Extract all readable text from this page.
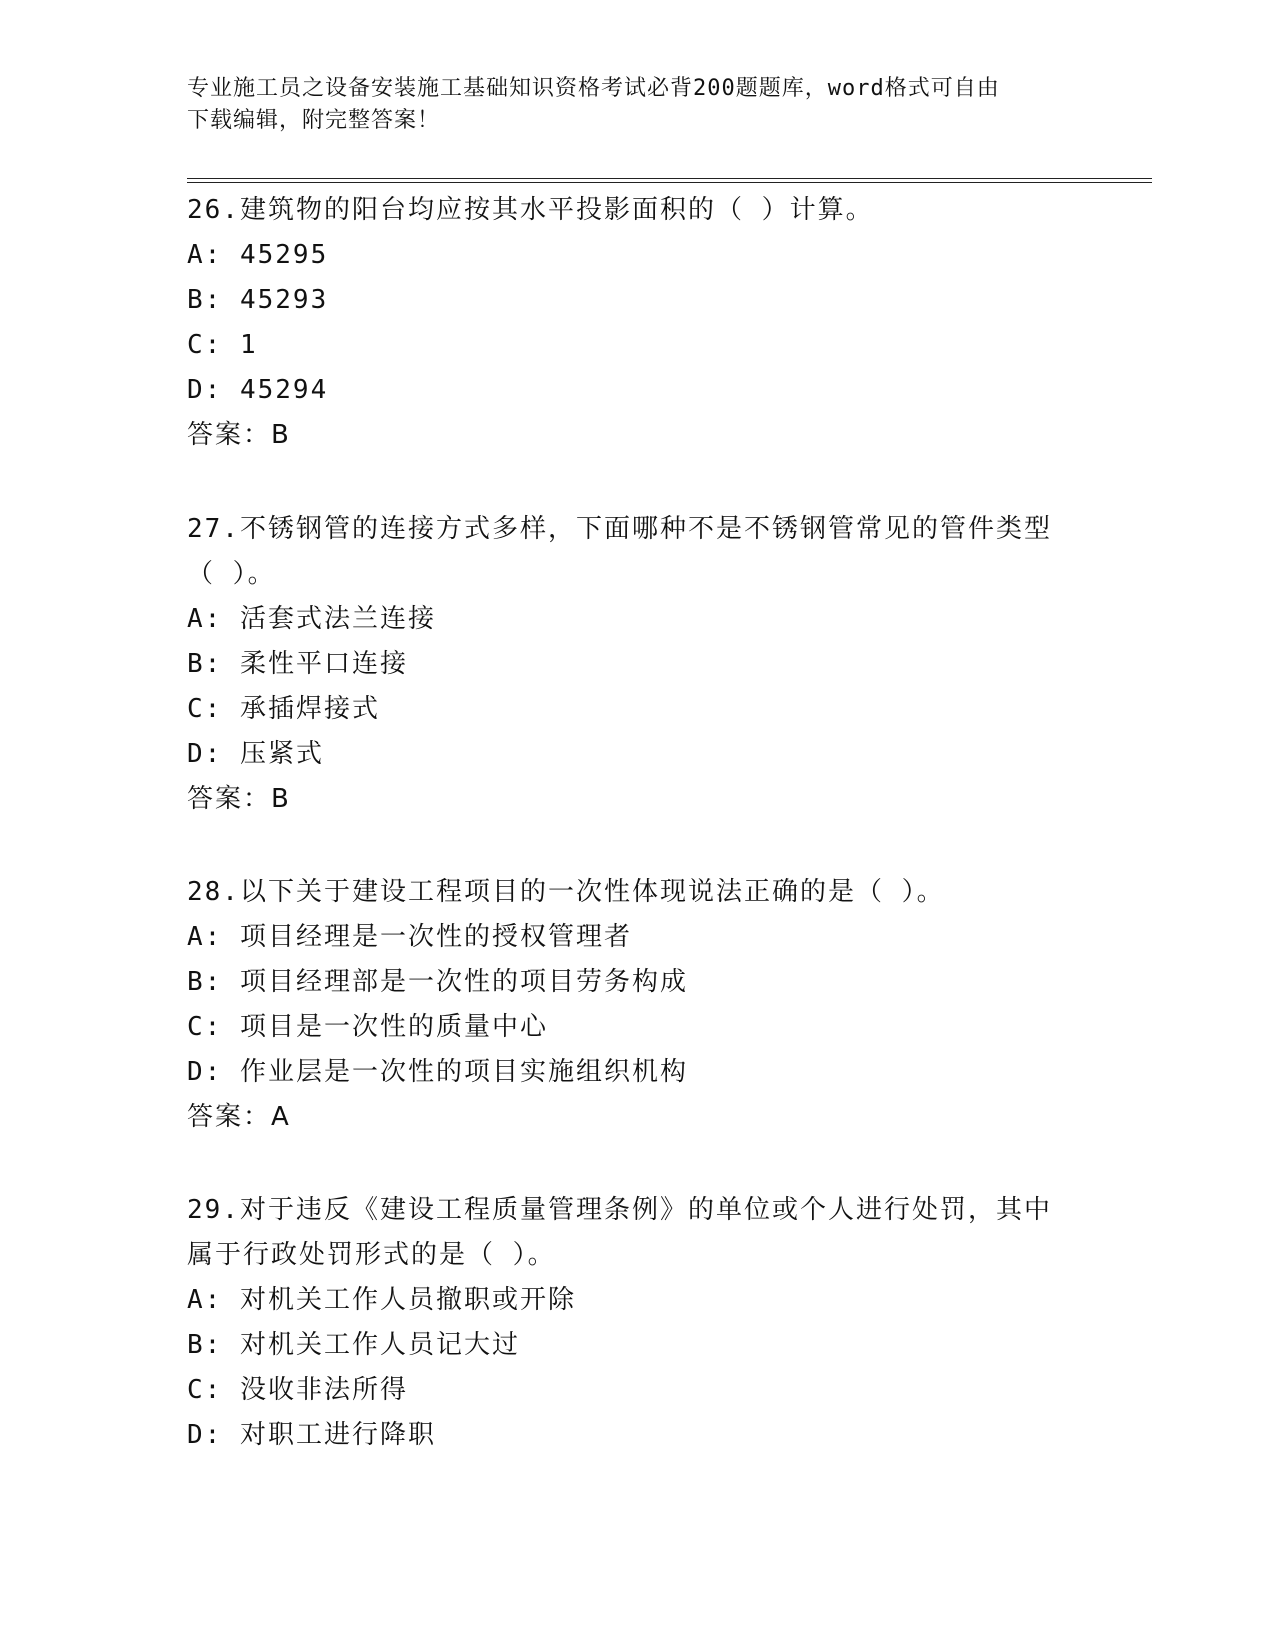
专业施工员之设备安装施工基础知识资格考试必背200题题库，word格式可自由
下载编辑，附完整答案！
26.建筑物的阳台均应按其水平投影面积的（ ）计算。
A: 45295
B: 45293
C: 1
D: 45294
答案：B
27.不锈钢管的连接方式多样，下面哪种不是不锈钢管常见的管件类型
（ ）。
A: 活套式法兰连接
B: 柔性平口连接
C: 承插焊接式
D: 压紧式
答案：B
28.以下关于建设工程项目的一次性体现说法正确的是（ ）。
A: 项目经理是一次性的授权管理者
B: 项目经理部是一次性的项目劳务构成
C: 项目是一次性的质量中心
D: 作业层是一次性的项目实施组织机构
答案：A
29.对于违反《建设工程质量管理条例》的单位或个人进行处罚，其中
属于行政处罚形式的是（ ）。
A: 对机关工作人员撤职或开除
B: 对机关工作人员记大过
C: 没收非法所得
D: 对职工进行降职
